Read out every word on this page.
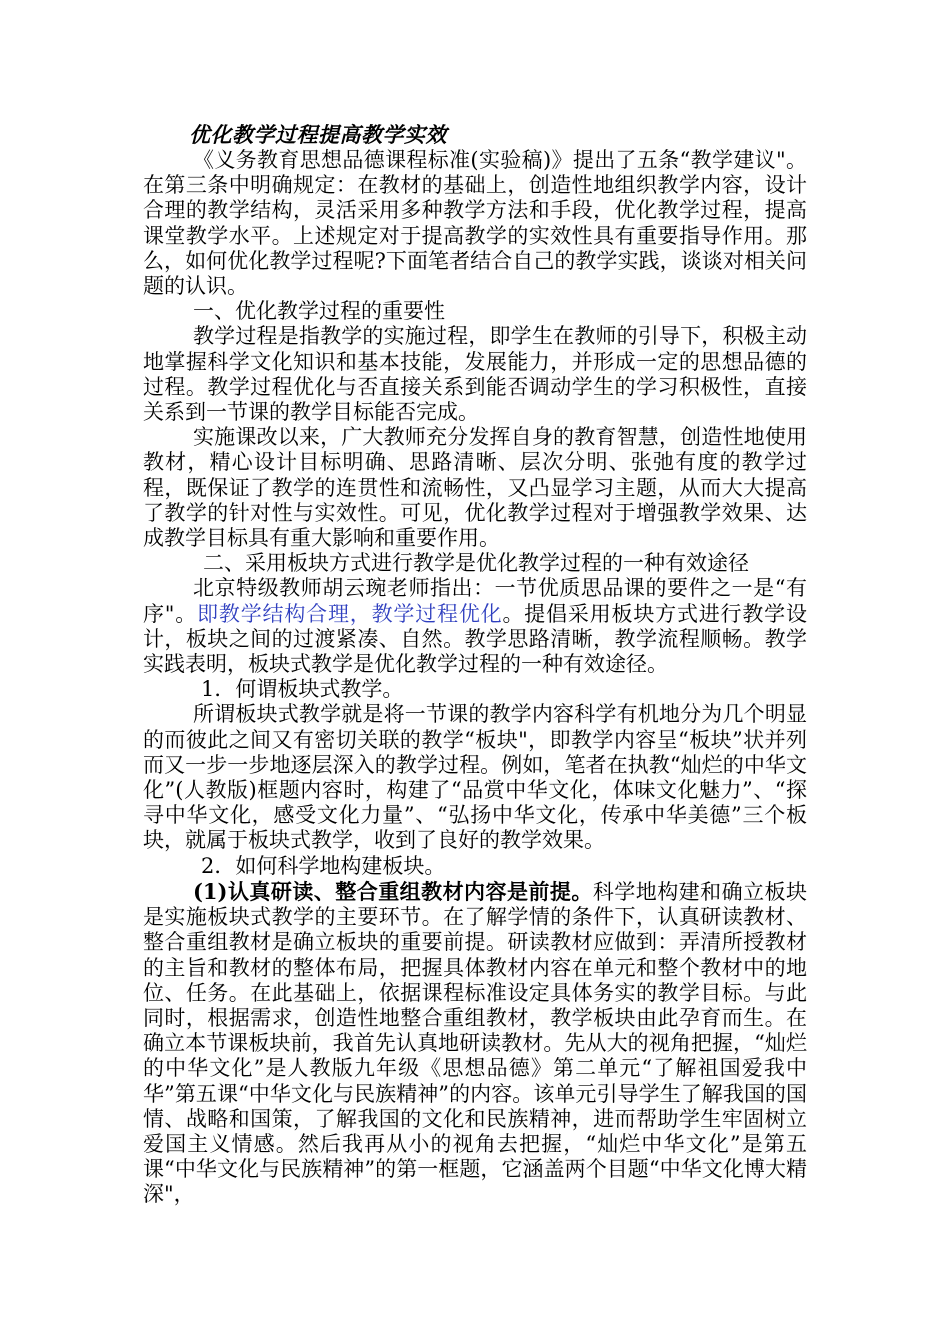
优化教学过程提高教学实效

《义务教育思想品德课程标准(实验稿)》提出了五条“教学建议"。在第三条中明确规定：在教材的基础上，创造性地组织教学内容，设计合理的教学结构，灵活采用多种教学方法和手段，优化教学过程，提高课堂教学水平。上述规定对于提高教学的实效性具有重要指导作用。那么，如何优化教学过程呢?下面笔者结合自己的教学实践，谈谈对相关问题的认识。

一、优化教学过程的重要性

教学过程是指教学的实施过程，即学生在教师的引导下，积极主动地掌握科学文化知识和基本技能，发展能力，并形成一定的思想品德的过程。教学过程优化与否直接关系到能否调动学生的学习积极性，直接关系到一节课的教学目标能否完成。

实施课改以来，广大教师充分发挥自身的教育智慧，创造性地使用教材，精心设计目标明确、思路清晰、层次分明、张弛有度的教学过程，既保证了教学的连贯性和流畅性，又凸显学习主题，从而大大提高了教学的针对性与实效性。可见，优化教学过程对于增强教学效果、达成教学目标具有重大影响和重要作用。

二、采用板块方式进行教学是优化教学过程的一种有效途径

北京特级教师胡云琬老师指出：一节优质思品课的要件之一是“有序"。即教学结构合理，教学过程优化。提倡采用板块方式进行教学设计，板块之间的过渡紧凑、自然。教学思路清晰，教学流程顺畅。教学实践表明，板块式教学是优化教学过程的一种有效途径。

1．何谓板块式教学。

所谓板块式教学就是将一节课的教学内容科学有机地分为几个明显的而彼此之间又有密切关联的教学“板块"，即教学内容呈“板块”状并列而又一步一步地逐层深入的教学过程。例如，笔者在执教“灿烂的中华文化”(人教版)框题内容时，构建了“品赏中华文化，体味文化魅力”、“探寻中华文化，感受文化力量”、“弘扬中华文化，传承中华美德”三个板块，就属于板块式教学，收到了良好的教学效果。

2．如何科学地构建板块。

(1)认真研读、整合重组教材内容是前提。科学地构建和确立板块是实施板块式教学的主要环节。在了解学情的条件下，认真研读教材、整合重组教材是确立板块的重要前提。研读教材应做到：弄清所授教材的主旨和教材的整体布局，把握具体教材内容在单元和整个教材中的地位、任务。在此基础上，依据课程标准设定具体务实的教学目标。与此同时，根据需求，创造性地整合重组教材，教学板块由此孕育而生。在确立本节课板块前，我首先认真地研读教材。先从大的视角把握，“灿烂的中华文化”是人教版九年级《思想品德》第二单元“了解祖国爱我中华”第五课“中华文化与民族精神”的内容。该单元引导学生了解我国的国情、战略和国策，了解我国的文化和民族精神，进而帮助学生牢固树立爱国主义情感。然后我再从小的视角去把握，“灿烂中华文化”是第五课“中华文化与民族精神”的第一框题，它涵盖两个目题“中华文化博大精深"，
